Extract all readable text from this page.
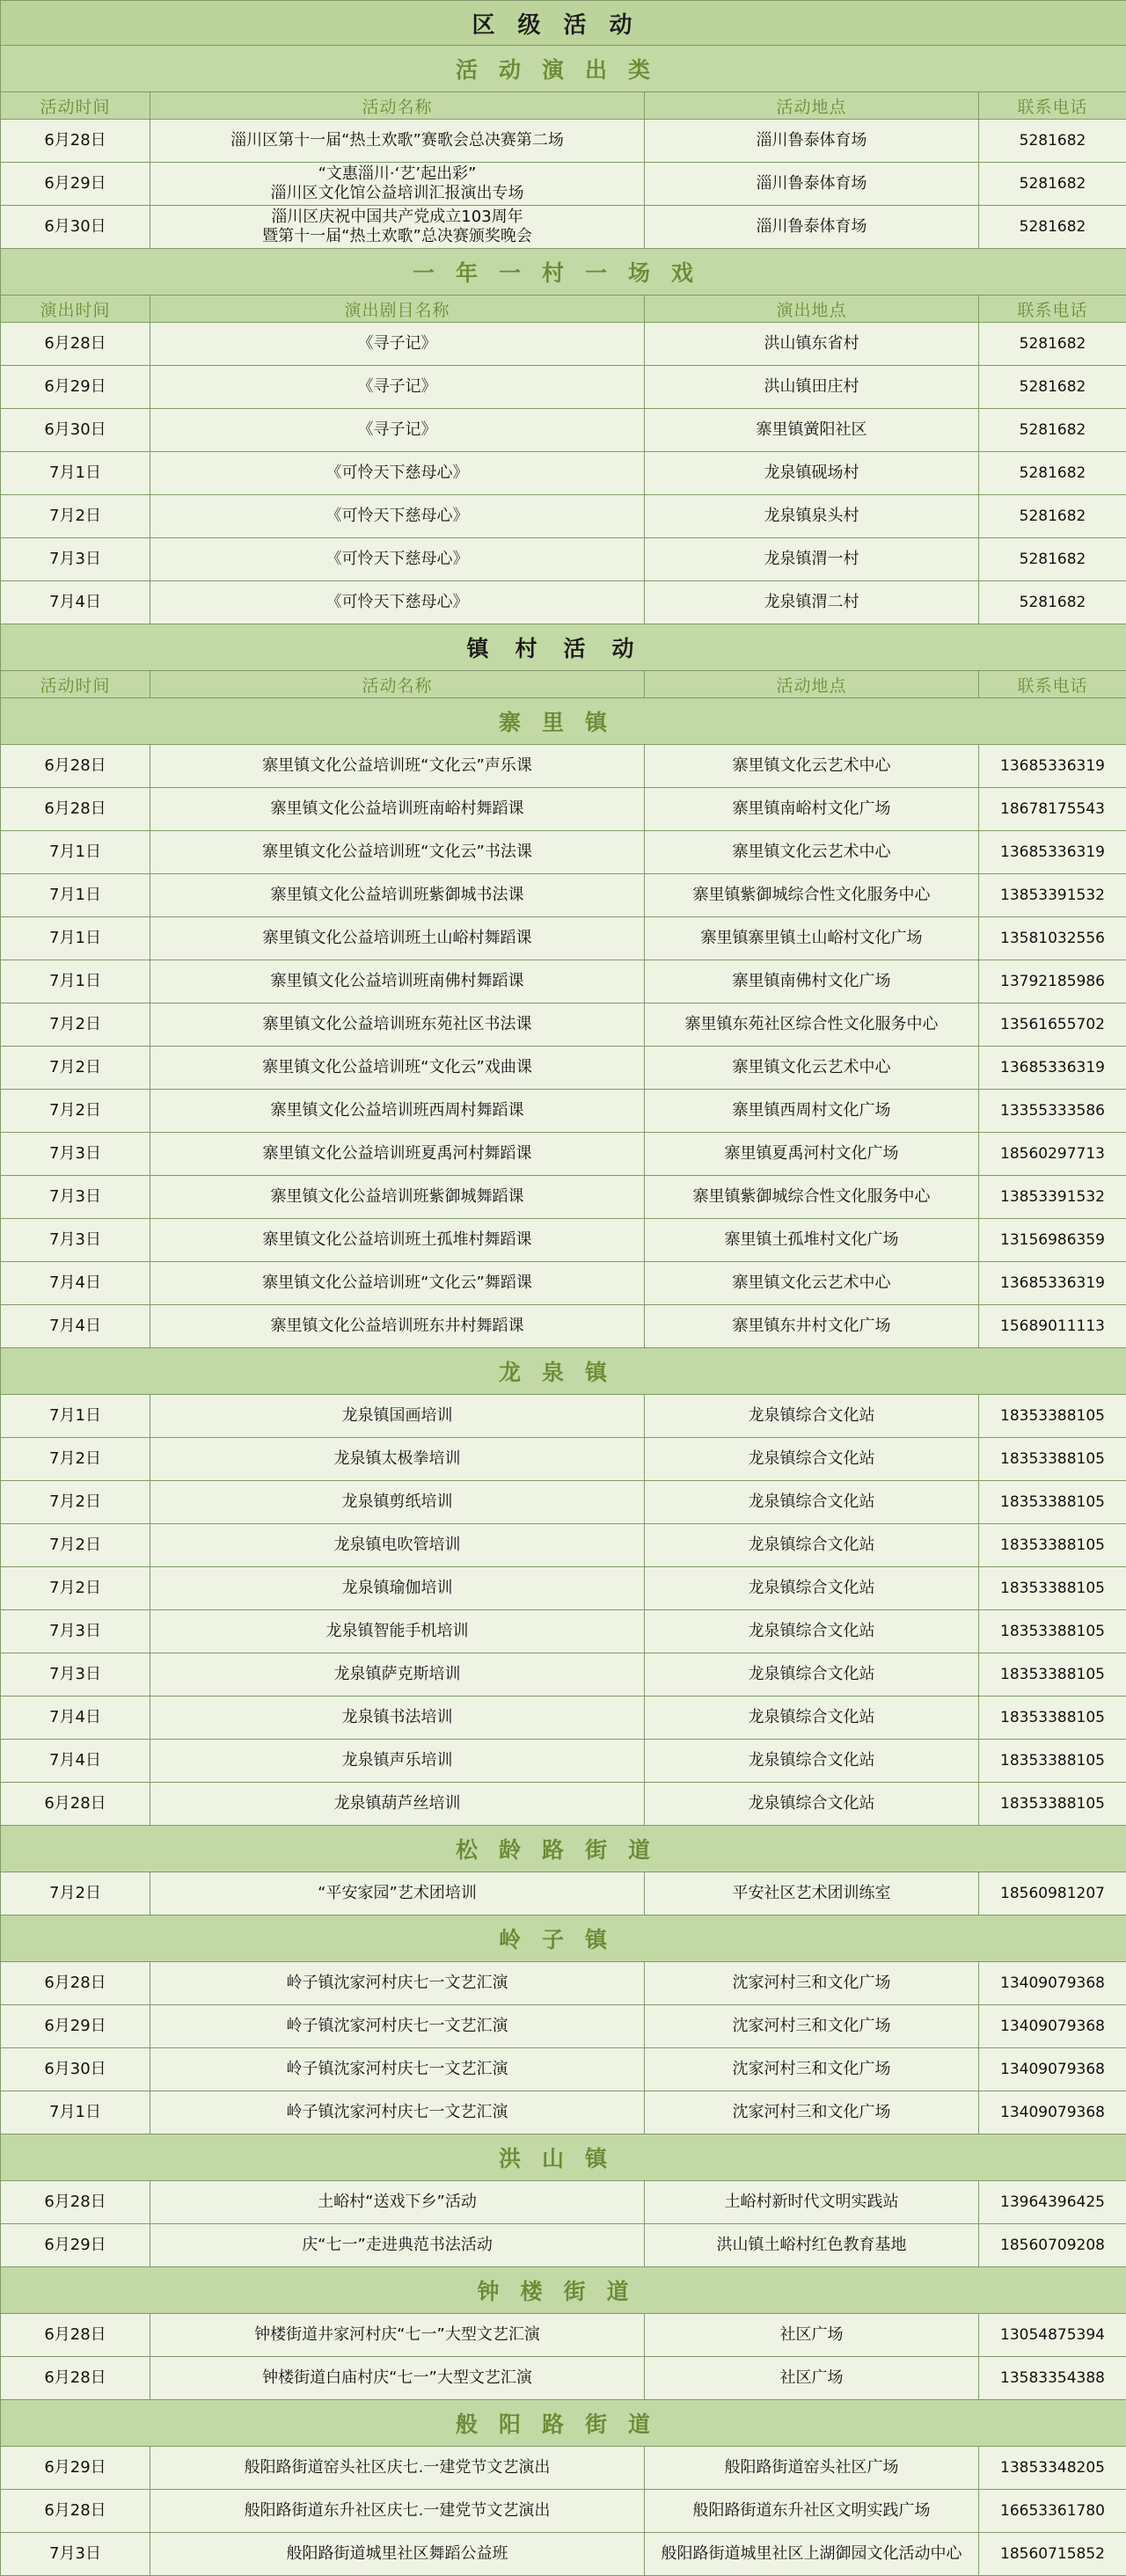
区级活动			
活动演出类			
活动时间	活动名称	活动地点	联系电话
6月28日	淄川区第十一届“热土欢歌”赛歌会总决赛第二场	淄川鲁泰体育场	5281682
6月29日	“文惠淄川·‘艺’起出彩”
淄川区文化馆公益培训汇报演出专场	淄川鲁泰体育场	5281682
6月30日	淄川区庆祝中国共产党成立103周年
暨第十一届“热土欢歌”总决赛颁奖晚会	淄川鲁泰体育场	5281682
一年一村一场戏			
演出时间	演出剧目名称	演出地点	联系电话
6月28日	《寻子记》	洪山镇东省村	5281682
6月29日	《寻子记》	洪山镇田庄村	5281682
6月30日	《寻子记》	寨里镇黉阳社区	5281682
7月1日	《可怜天下慈母心》	龙泉镇砚场村	5281682
7月2日	《可怜天下慈母心》	龙泉镇泉头村	5281682
7月3日	《可怜天下慈母心》	龙泉镇渭一村	5281682
7月4日	《可怜天下慈母心》	龙泉镇渭二村	5281682
镇村活动			
活动时间	活动名称	活动地点	联系电话
寨里镇			
6月28日	寨里镇文化公益培训班“文化云”声乐课	寨里镇文化云艺术中心	13685336319
6月28日	寨里镇文化公益培训班南峪村舞蹈课	寨里镇南峪村文化广场	18678175543
7月1日	寨里镇文化公益培训班“文化云”书法课	寨里镇文化云艺术中心	13685336319
7月1日	寨里镇文化公益培训班紫御城书法课	寨里镇紫御城综合性文化服务中心	13853391532
7月1日	寨里镇文化公益培训班土山峪村舞蹈课	寨里镇寨里镇土山峪村文化广场	13581032556
7月1日	寨里镇文化公益培训班南佛村舞蹈课	寨里镇南佛村文化广场	13792185986
7月2日	寨里镇文化公益培训班东苑社区书法课	寨里镇东苑社区综合性文化服务中心	13561655702
7月2日	寨里镇文化公益培训班“文化云”戏曲课	寨里镇文化云艺术中心	13685336319
7月2日	寨里镇文化公益培训班西周村舞蹈课	寨里镇西周村文化广场	13355333586
7月3日	寨里镇文化公益培训班夏禹河村舞蹈课	寨里镇夏禹河村文化广场	18560297713
7月3日	寨里镇文化公益培训班紫御城舞蹈课	寨里镇紫御城综合性文化服务中心	13853391532
7月3日	寨里镇文化公益培训班土孤堆村舞蹈课	寨里镇土孤堆村文化广场	13156986359
7月4日	寨里镇文化公益培训班“文化云”舞蹈课	寨里镇文化云艺术中心	13685336319
7月4日	寨里镇文化公益培训班东井村舞蹈课	寨里镇东井村文化广场	15689011113
龙泉镇			
7月1日	龙泉镇国画培训	龙泉镇综合文化站	18353388105
7月2日	龙泉镇太极拳培训	龙泉镇综合文化站	18353388105
7月2日	龙泉镇剪纸培训	龙泉镇综合文化站	18353388105
7月2日	龙泉镇电吹管培训	龙泉镇综合文化站	18353388105
7月2日	龙泉镇瑜伽培训	龙泉镇综合文化站	18353388105
7月3日	龙泉镇智能手机培训	龙泉镇综合文化站	18353388105
7月3日	龙泉镇萨克斯培训	龙泉镇综合文化站	18353388105
7月4日	龙泉镇书法培训	龙泉镇综合文化站	18353388105
7月4日	龙泉镇声乐培训	龙泉镇综合文化站	18353388105
6月28日	龙泉镇葫芦丝培训	龙泉镇综合文化站	18353388105
松龄路街道			
7月2日	“平安家园”艺术团培训	平安社区艺术团训练室	18560981207
岭子镇			
6月28日	岭子镇沈家河村庆七一文艺汇演	沈家河村三和文化广场	13409079368
6月29日	岭子镇沈家河村庆七一文艺汇演	沈家河村三和文化广场	13409079368
6月30日	岭子镇沈家河村庆七一文艺汇演	沈家河村三和文化广场	13409079368
7月1日	岭子镇沈家河村庆七一文艺汇演	沈家河村三和文化广场	13409079368
洪山镇			
6月28日	土峪村“送戏下乡”活动	土峪村新时代文明实践站	13964396425
6月29日	庆“七一”走进典范书法活动	洪山镇土峪村红色教育基地	18560709208
钟楼街道			
6月28日	钟楼街道井家河村庆“七一”大型文艺汇演	社区广场	13054875394
6月28日	钟楼街道白庙村庆“七一”大型文艺汇演	社区广场	13583354388
般阳路街道			
6月29日	般阳路街道窑头社区庆七.一建党节文艺演出	般阳路街道窑头社区广场	13853348205
6月28日	般阳路街道东升社区庆七.一建党节文艺演出	般阳路街道东升社区文明实践广场	16653361780
7月3日	般阳路街道城里社区舞蹈公益班	般阳路街道城里社区上湖御园文化活动中心	18560715852
